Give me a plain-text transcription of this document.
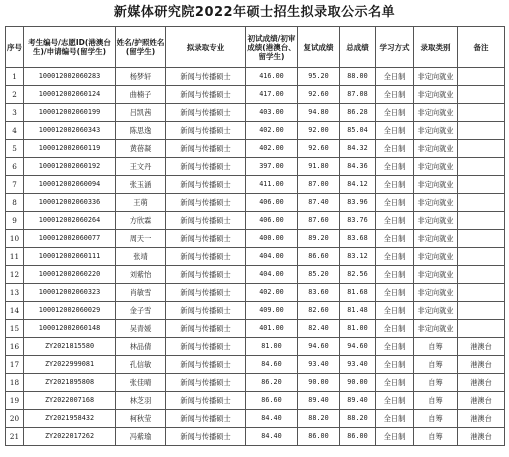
新媒体研究院2022年硕士招生拟录取公示名单
序号	考生编号/志愿ID(港澳台生)/申请编号(留学生)	姓名/护照姓名(留学生)	拟录取专业	初试成绩/初审成绩(港澳台、留学生)	复试成绩	总成绩	学习方式	录取类别	备注
1	100012002060283	杨梦轩	新闻与传播硕士	416.00	95.20	88.00	全日制	非定向就业	
2	100012002060124	曲楠子	新闻与传播硕士	417.00	92.60	87.08	全日制	非定向就业	
3	100012002060199	吕凯茜	新闻与传播硕士	403.00	94.80	86.28	全日制	非定向就业	
4	100012002060343	陈思逸	新闻与传播硕士	402.00	92.00	85.04	全日制	非定向就业	
5	100012002060119	黄蓓凝	新闻与传播硕士	402.00	92.60	84.32	全日制	非定向就业	
6	100012002060192	王文丹	新闻与传播硕士	397.00	91.80	84.36	全日制	非定向就业	
7	100012002060094	张玉涵	新闻与传播硕士	411.00	87.00	84.12	全日制	非定向就业	
8	100012002060336	王萌	新闻与传播硕士	406.00	87.40	83.96	全日制	非定向就业	
9	100012002060264	方欣霖	新闻与传播硕士	406.00	87.60	83.76	全日制	非定向就业	
10	100012002060077	周天一	新闻与传播硕士	400.00	89.20	83.68	全日制	非定向就业	
11	100012002060111	张靖	新闻与传播硕士	404.00	86.60	83.12	全日制	非定向就业	
12	100012002060220	刘紫怡	新闻与传播硕士	404.00	85.20	82.56	全日制	非定向就业	
13	100012002060323	肖敏雪	新闻与传播硕士	402.00	83.60	81.68	全日制	非定向就业	
14	100012002060029	金子雪	新闻与传播硕士	409.00	82.60	81.48	全日制	非定向就业	
15	100012002060148	吴青媛	新闻与传播硕士	401.00	82.40	81.00	全日制	非定向就业	
16	ZY2021815580	林品倩	新闻与传播硕士	81.00	94.60	94.60	全日制	自筹	港澳台
17	ZY2022999081	孔信敏	新闻与传播硕士	84.60	93.40	93.40	全日制	自筹	港澳台
18	ZY2021895808	张佳晴	新闻与传播硕士	86.20	90.00	90.00	全日制	自筹	港澳台
19	ZY2022007168	林芝羽	新闻与传播硕士	86.60	89.40	89.40	全日制	自筹	港澳台
20	ZY2021958432	柯秋莹	新闻与传播硕士	84.40	88.20	88.20	全日制	自筹	港澳台
21	ZY2022017262	冯紫瑜	新闻与传播硕士	84.40	86.00	86.00	全日制	自筹	港澳台
